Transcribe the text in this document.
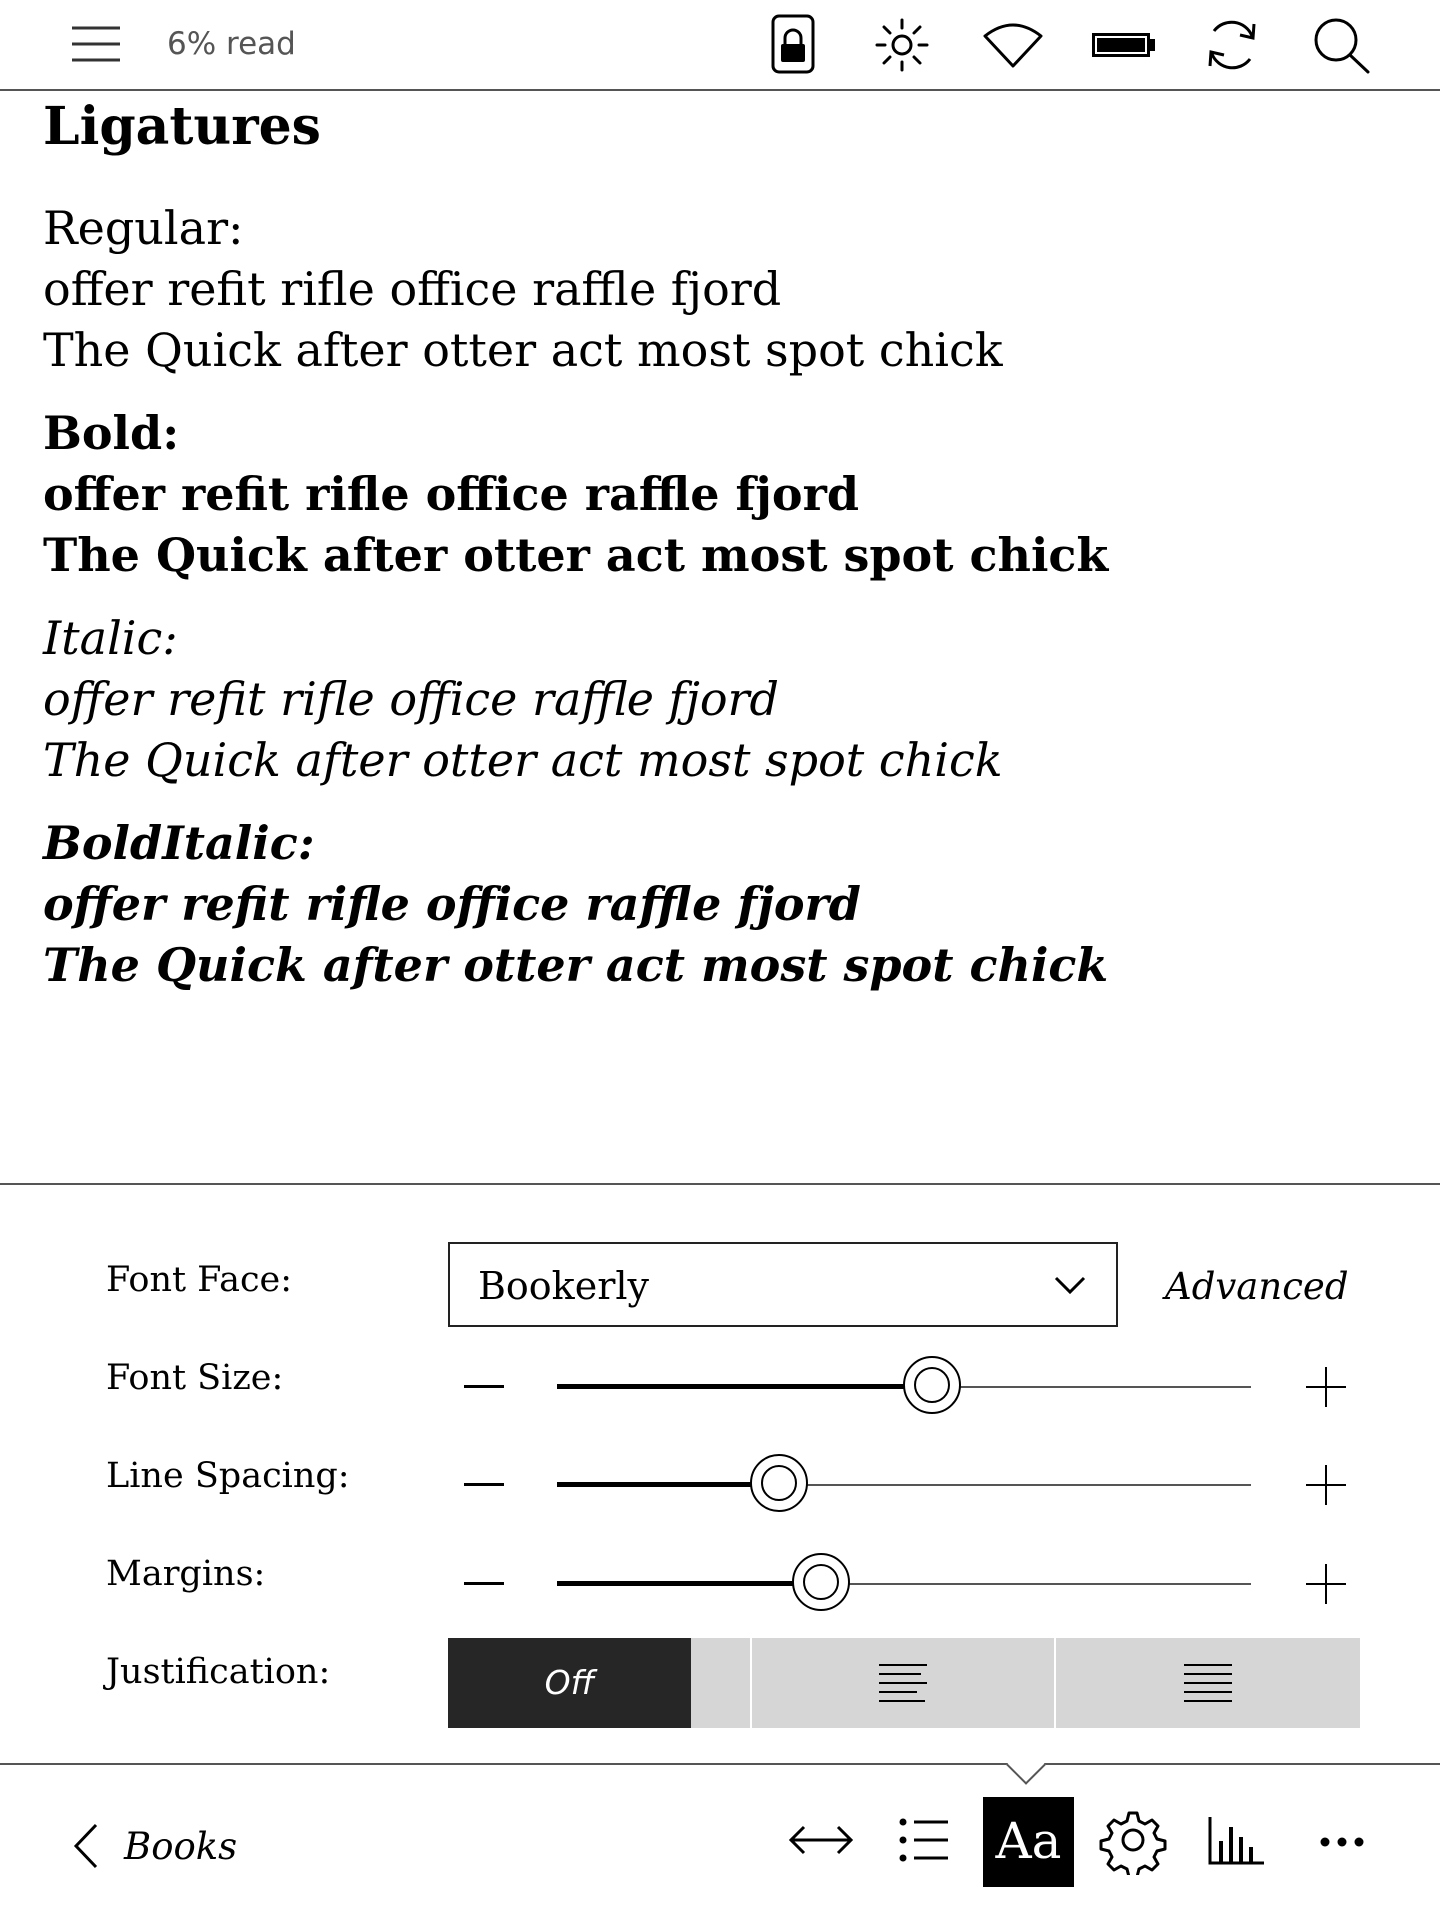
6% read
Ligatures
Regular:
offer refit rifle office raffle fjord
The Quick after otter act most spot chick
Bold:
offer refit rifle office raffle fjord
The Quick after otter act most spot chick
Italic:
offer refit rifle office raffle fjord
The Quick after otter act most spot chick
BoldItalic:
offer refit rifle office raffle fjord
The Quick after otter act most spot chick
Font Face:	Bookerly	Advanced
Font Size:
Line Spacing:
Margins:
Justification:	Off
Books	Aa
